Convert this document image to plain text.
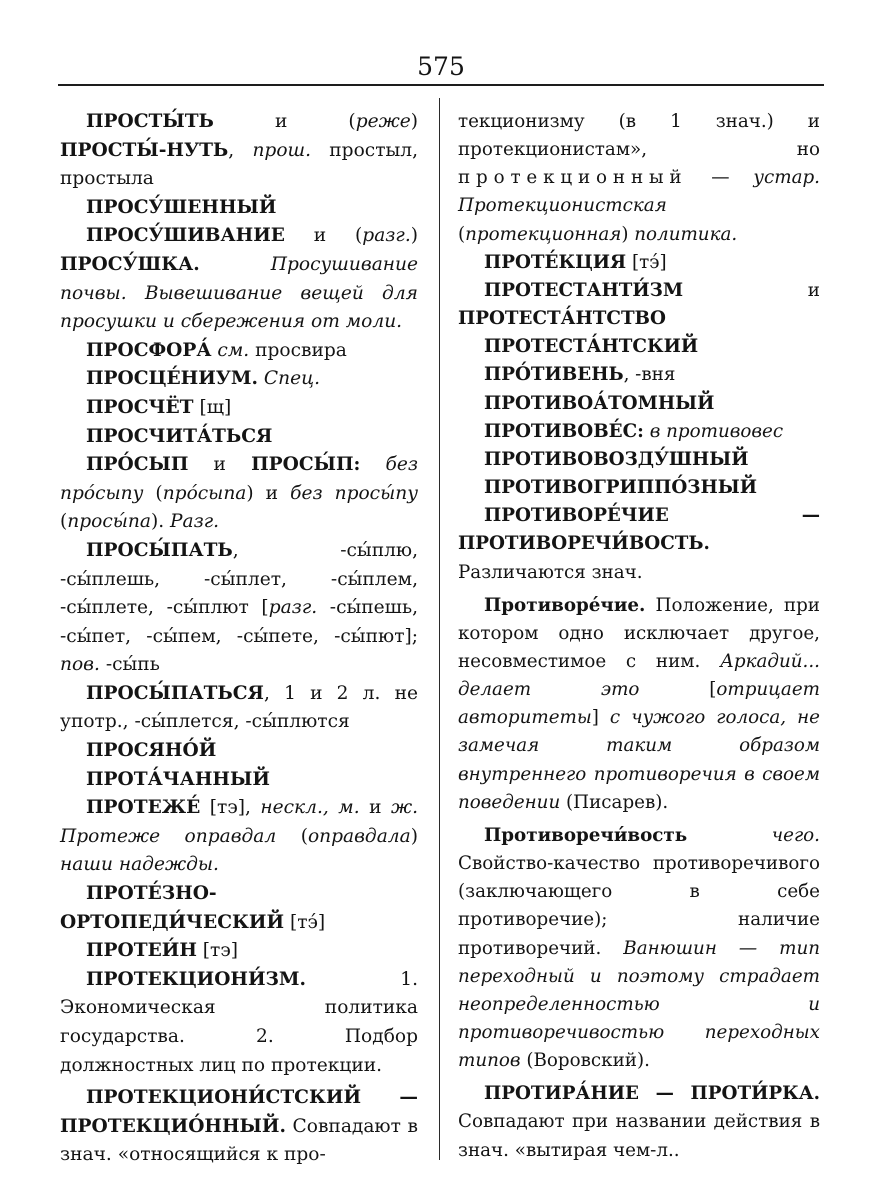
575

ПРОСТЫ́ТЬ и (реже) ПРОСТЫ́-НУТЬ, прош. простыл, простыла

ПРОСУ́ШЕННЫЙ

ПРОСУ́ШИВАНИЕ и (разг.) ПРОСУ́ШКА.	Просушивание почвы. Вывешивание вещей для просушки и сбережения от моли.

ПРОСФОРА́ см. просвира

ПРОСЦЕ́НИУМ. Спец.

ПРОСЧЁТ [щ]

ПРОСЧИТА́ТЬСЯ

ПРО́СЫП и ПРОСЫ́П: без про́сыпу (про́сыпа) и без просы́пу (просы́па). Разг.

ПРОСЫ́ПАТЬ, -сы́плю, -сы́плешь, -сы́плет, -сы́плем, -сы́плете, -сы́плют [разг. -сы́пешь, -сы́пет, -сы́пем, -сы́пете, -сы́пют]; пов. -сы́пь

ПРОСЫ́ПАТЬСЯ, 1 и 2 л. не употр., -сы́плется, -сы́плются

ПРОСЯНО́Й

ПРОТА́ЧАННЫЙ

ПРОТЕЖЕ́ [тэ], нескл., м. и ж. Протеже оправдал (оправдала) наши надежды.

ПРОТЕ́ЗНО-ОРТОПЕДИ́ЧЕСКИЙ [тэ́]

ПРОТЕИ́Н [тэ]

ПРОТЕКЦИОНИ́ЗМ. 1. Экономическая политика государства. 2. Подбор должностных лиц по протекции.

ПРОТЕКЦИОНИ́СТСКИЙ — ПРОТЕКЦИО́ННЫЙ. Совпадают в знач. «относящийся к про-

текционизму (в 1 знач.) и протекционистам», но протекционный — устар. Протекционистская (протекционная) политика.

ПРОТЕ́КЦИЯ [тэ́]

ПРОТЕСТАНТИ́ЗМ и ПРОТЕСТА́НТСТВО

ПРОТЕСТА́НТСКИЙ

ПРО́ТИВЕНЬ, -вня

ПРОТИВОА́ТОМНЫЙ

ПРОТИВОВЕ́С: в противовес

ПРОТИВОВОЗДУ́ШНЫЙ

ПРОТИВОГРИППО́ЗНЫЙ

ПРОТИВОРЕ́ЧИЕ — ПРОТИВОРЕЧИ́ВОСТЬ. Различаются знач.

Противоре́чие. Положение, при котором одно исключает другое, несовместимое с ним. Аркадий... делает это [отрицает авторитеты] с чужого голоса, не замечая таким образом внутреннего противоречия в своем поведении (Писарев).

Противоречи́вость	чего. Свойство-качество противоречивого (заключающего в себе противоречие); наличие противоречий. Ванюшин — тип переходный и поэтому страдает неопределенностью и противоречивостью переходных типов (Воровский).

ПРОТИРА́НИЕ — ПРОТИ́РКА. Совпадают при названии действия в знач. «вытирая чем-л..
